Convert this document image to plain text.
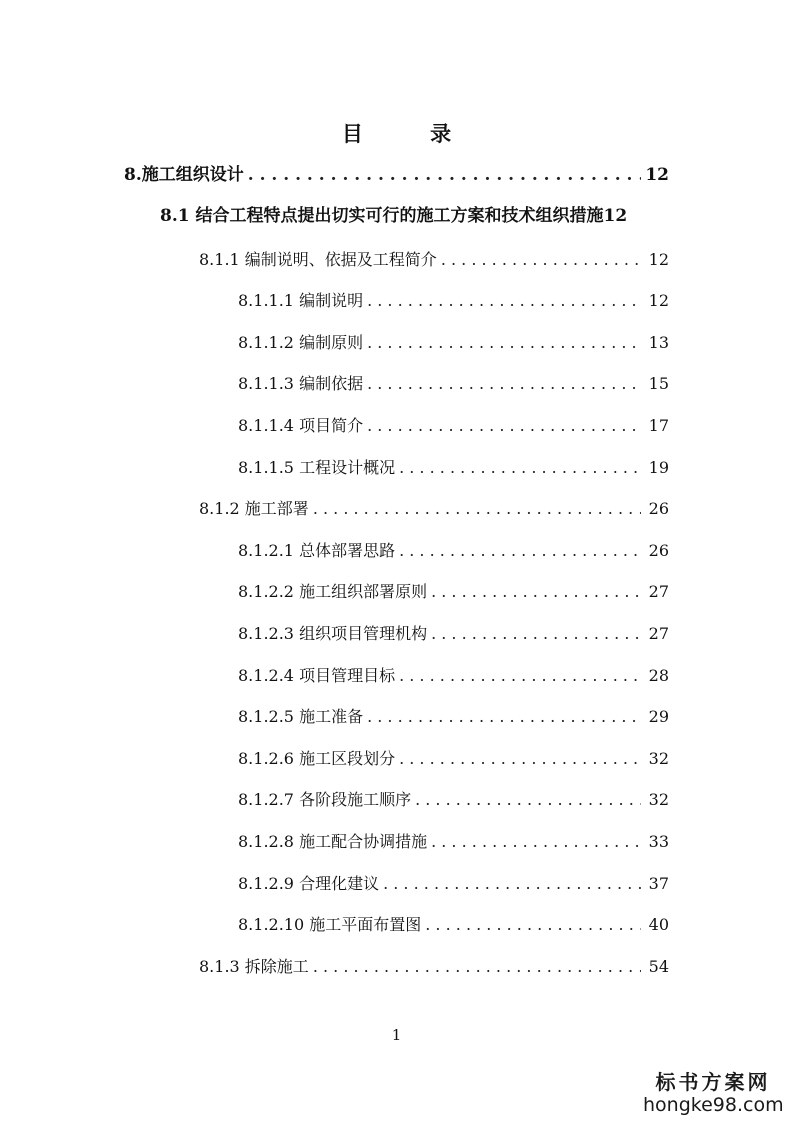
目 录
8.施工组织设计 . . .	12
8.1 结合工程特点提出切实可行的施工方案和技术组织措施 12
8.1.1 编制说明、依据及工程简介 . . .	12
8.1.1.1 编制说明 . . .	12
8.1.1.2 编制原则 . . .	13
8.1.1.3 编制依据 . . .	15
8.1.1.4 项目简介 . . .	17
8.1.1.5 工程设计概况 . . .	19
8.1.2 施工部署 . . .	26
8.1.2.1 总体部署思路 . . .	26
8.1.2.2 施工组织部署原则 . . .	27
8.1.2.3 组织项目管理机构 . . .	27
8.1.2.4 项目管理目标 . . .	28
8.1.2.5 施工准备 . . .	29
8.1.2.6 施工区段划分 . . .	32
8.1.2.7 各阶段施工顺序 . . .	32
8.1.2.8 施工配合协调措施 . . .	33
8.1.2.9 合理化建议 . . .	37
8.1.2.10 施工平面布置图 . . .	40
8.1.3 拆除施工 . . .	54
1
标书方案网
hongke98.com
